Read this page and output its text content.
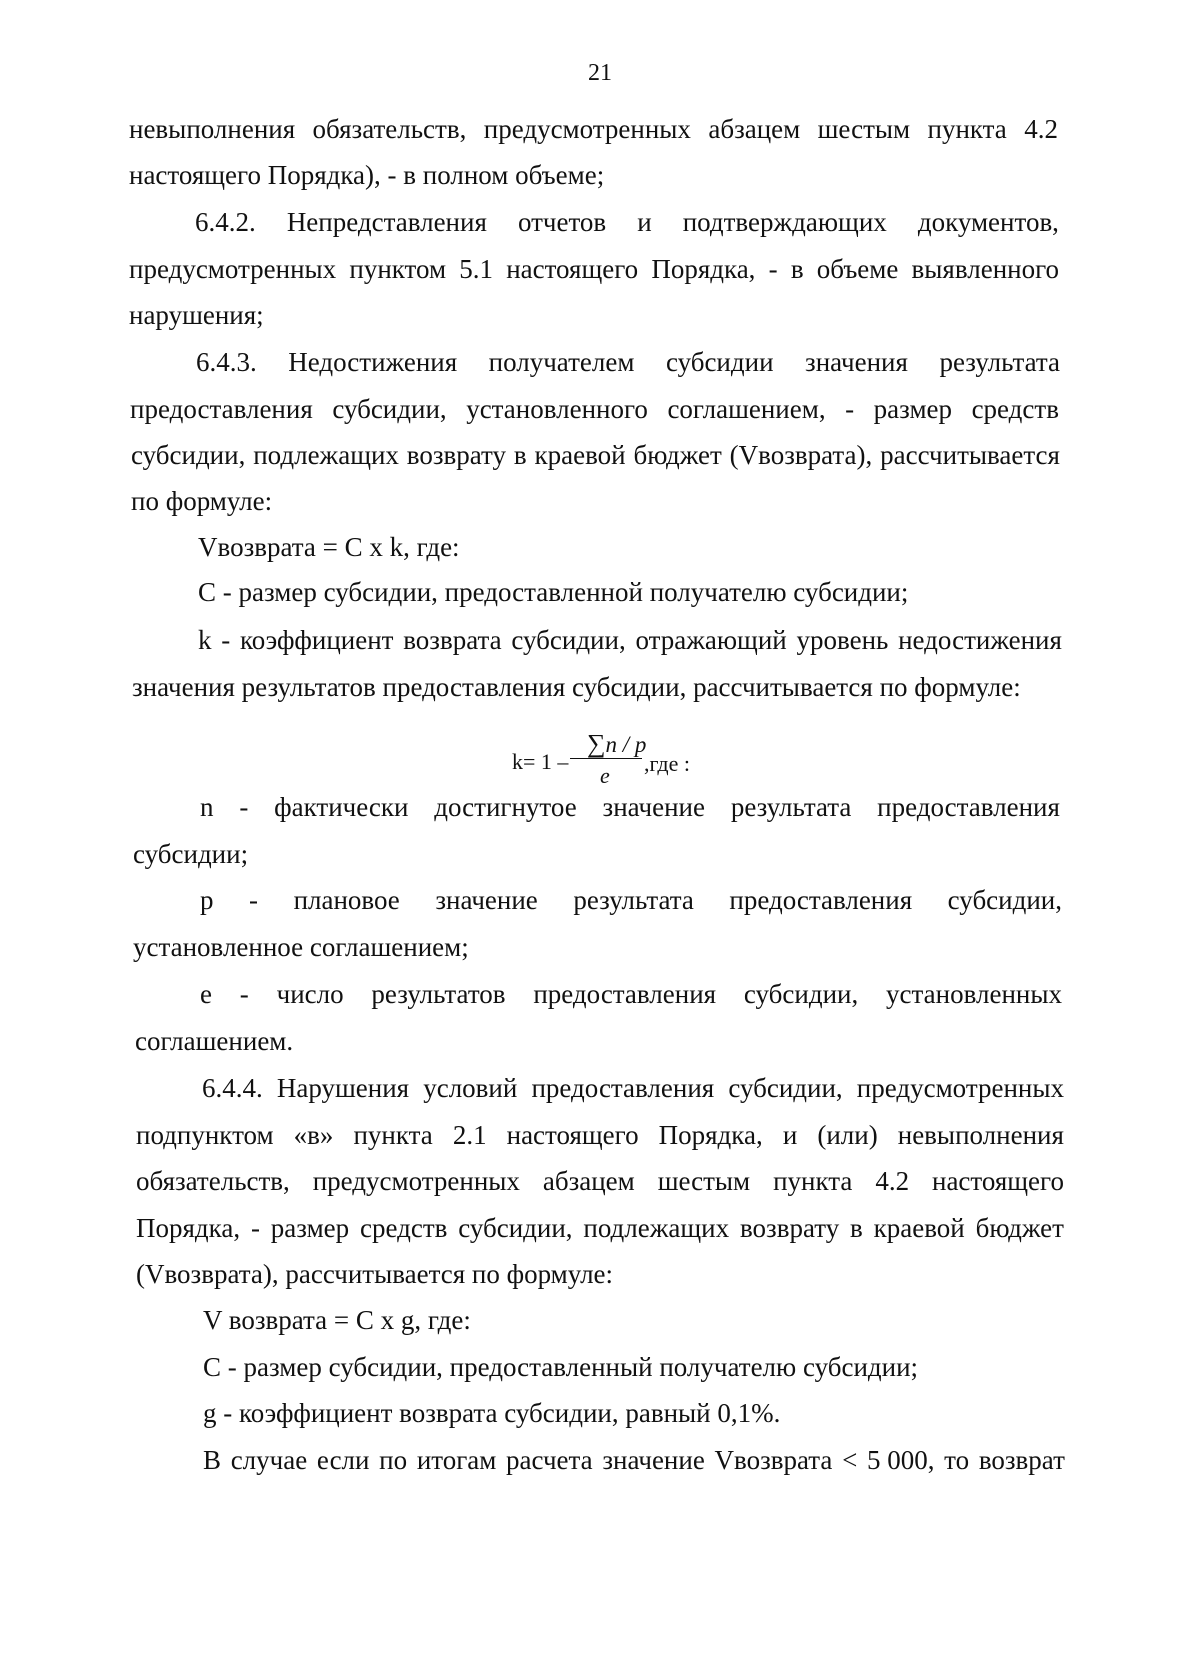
21
невыполнения обязательств, предусмотренных абзацем шестым пункта 4.2
настоящего Порядка), - в полном объеме;
6.4.2. Непредставления отчетов и подтверждающих документов,
предусмотренных пунктом 5.1 настоящего Порядка, - в объеме выявленного
нарушения;
6.4.3. Недостижения получателем субсидии значения результата
предоставления субсидии, установленного соглашением, - размер средств
субсидии, подлежащих возврату в краевой бюджет (Vвозврата), рассчитывается
по формуле:
Vвозврата = C x k, где:
C - размер субсидии, предоставленной получателю субсидии;
k - коэффициент возврата субсидии, отражающий уровень недостижения
значения результатов предоставления субсидии, рассчитывается по формуле:
k= 1 –
∑n / p
e ,где :
n - фактически достигнутое значение результата предоставления
субсидии;
p - плановое значение результата предоставления субсидии,
установленное соглашением;
e - число результатов предоставления субсидии, установленных
соглашением.
6.4.4. Нарушения условий предоставления субсидии, предусмотренных
подпунктом «в» пункта 2.1 настоящего Порядка, и (или) невыполнения
обязательств, предусмотренных абзацем шестым пункта 4.2 настоящего
Порядка, - размер средств субсидии, подлежащих возврату в краевой бюджет
(Vвозврата), рассчитывается по формуле:
V возврата = C x g, где:
C - размер субсидии, предоставленный получателю субсидии;
g - коэффициент возврата субсидии, равный 0,1%.
В случае если по итогам расчета значение Vвозврата < 5 000, то возврат
